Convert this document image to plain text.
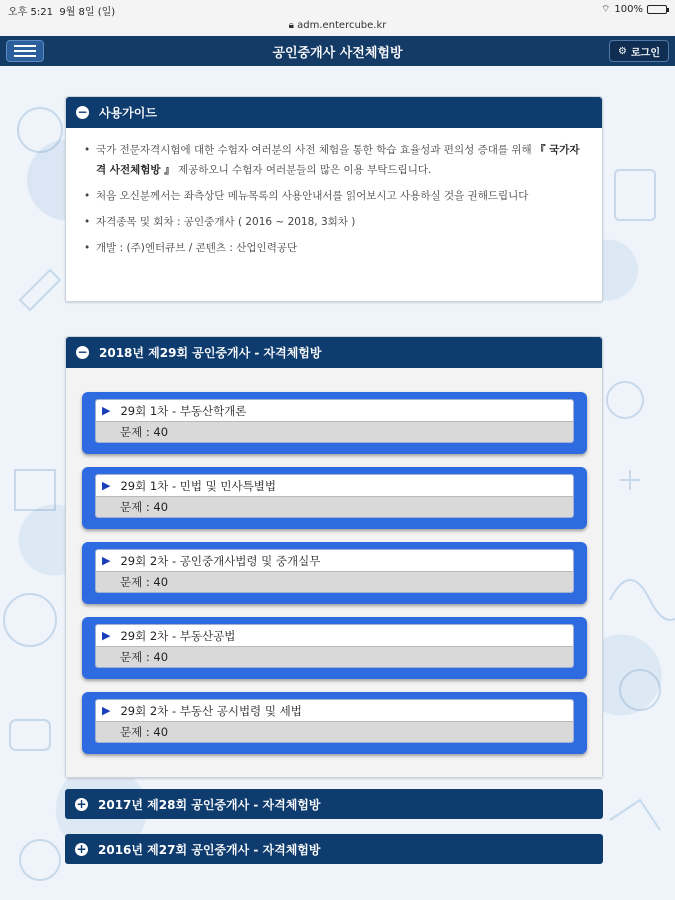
오후 5:21 9월 8일 (일)
🔒︎ adm.entercube.kr
⌔ 100%
공인중개사 사전체험방	⚙ 로그인
− 사용가이드
• 국가 전문자격시험에 대한 수험자 여러분의 사전 체험을 통한 학습 효율성과 편의성 증대를 위해 『 국가자격 사전체험방 』 제공하오니 수험자 여러분들의 많은 이용 부탁드립니다.
• 처음 오신분께서는 좌측상단 메뉴목록의 사용안내서를 읽어보시고 사용하실 것을 권해드립니다
• 자격종목 및 회차 : 공인중개사 ( 2016 ~ 2018, 3회차 )
• 개발 : (주)엔터큐브 / 콘텐츠 : 산업인력공단
− 2018년 제29회 공인중개사 - 자격체험방
▶ 29회 1차 - 부동산학개론
문제 : 40
▶ 29회 1차 - 민법 및 민사특별법
문제 : 40
▶ 29회 2차 - 공인중개사법령 및 중개실무
문제 : 40
▶ 29회 2차 - 부동산공법
문제 : 40
▶ 29회 2차 - 부동산 공시법령 및 세법
문제 : 40
+ 2017년 제28회 공인중개사 - 자격체험방
+ 2016년 제27회 공인중개사 - 자격체험방
